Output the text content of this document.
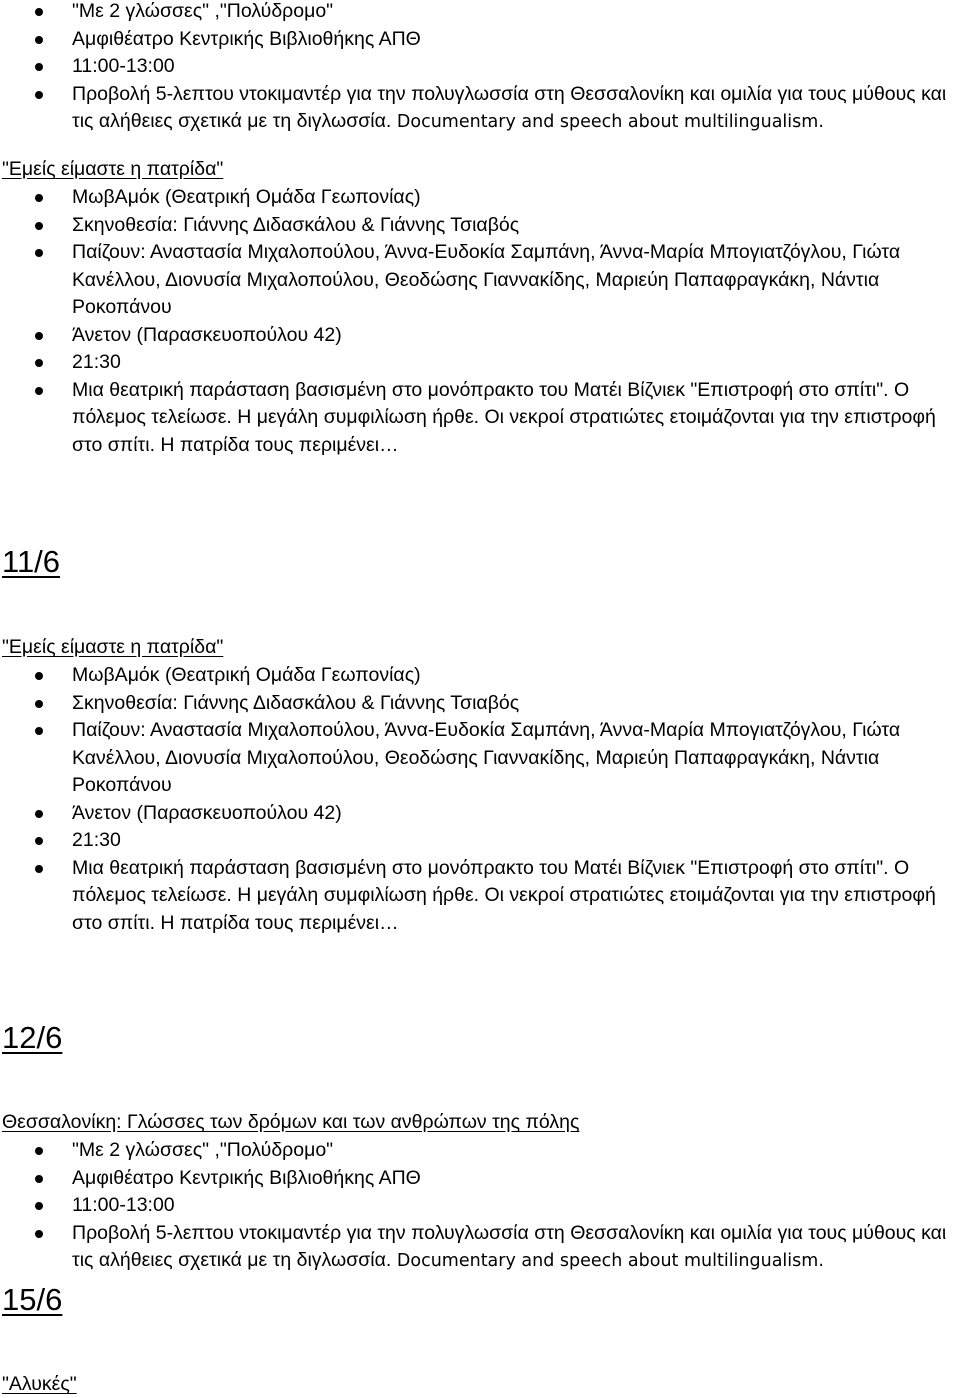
"Με 2 γλώσσες" ,"Πολύδρομο"
Αμφιθέατρο Κεντρικής Βιβλιοθήκης ΑΠΘ
11:00-13:00
Προβολή 5-λεπτου ντοκιμαντέρ για την πολυγλωσσία στη Θεσσαλονίκη και ομιλία για τους μύθους και τις αλήθειες σχετικά με τη διγλωσσία. Documentary and speech about multilingualism.
"Εμείς είμαστε η πατρίδα"
ΜωβΑμόκ (Θεατρική Ομάδα Γεωπονίας)
Σκηνοθεσία: Γιάννης Διδασκάλου & Γιάννης Τσιαβός
Παίζουν: Αναστασία Μιχαλοπούλου, Άννα-Ευδοκία Σαμπάνη, Άννα-Μαρία Μπογιατζόγλου, Γιώτα Κανέλλου, Διονυσία Μιχαλοπούλου, Θεοδώσης Γιαννακίδης, Μαριεύη Παπαφραγκάκη, Νάντια Ροκοπάνου
Άνετον (Παρασκευοπούλου 42)
21:30
Μια θεατρική παράσταση βασισμένη στο μονόπρακτο του Ματέι Βίζνιεκ "Επιστροφή στο σπίτι". Ο πόλεμος τελείωσε. Η μεγάλη συμφιλίωση ήρθε. Οι νεκροί στρατιώτες ετοιμάζονται για την επιστροφή στο σπίτι. Η πατρίδα τους περιμένει…
11/6
"Εμείς είμαστε η πατρίδα"
ΜωβΑμόκ (Θεατρική Ομάδα Γεωπονίας)
Σκηνοθεσία: Γιάννης Διδασκάλου & Γιάννης Τσιαβός
Παίζουν: Αναστασία Μιχαλοπούλου, Άννα-Ευδοκία Σαμπάνη, Άννα-Μαρία Μπογιατζόγλου, Γιώτα Κανέλλου, Διονυσία Μιχαλοπούλου, Θεοδώσης Γιαννακίδης, Μαριεύη Παπαφραγκάκη, Νάντια Ροκοπάνου
Άνετον (Παρασκευοπούλου 42)
21:30
Μια θεατρική παράσταση βασισμένη στο μονόπρακτο του Ματέι Βίζνιεκ "Επιστροφή στο σπίτι". Ο πόλεμος τελείωσε. Η μεγάλη συμφιλίωση ήρθε. Οι νεκροί στρατιώτες ετοιμάζονται για την επιστροφή στο σπίτι. Η πατρίδα τους περιμένει…
12/6
Θεσσαλονίκη: Γλώσσες των δρόμων και των ανθρώπων της πόλης
"Με 2 γλώσσες" ,"Πολύδρομο"
Αμφιθέατρο Κεντρικής Βιβλιοθήκης ΑΠΘ
11:00-13:00
Προβολή 5-λεπτου ντοκιμαντέρ για την πολυγλωσσία στη Θεσσαλονίκη και ομιλία για τους μύθους και τις αλήθειες σχετικά με τη διγλωσσία. Documentary and speech about multilingualism.
15/6
"Αλυκές"
